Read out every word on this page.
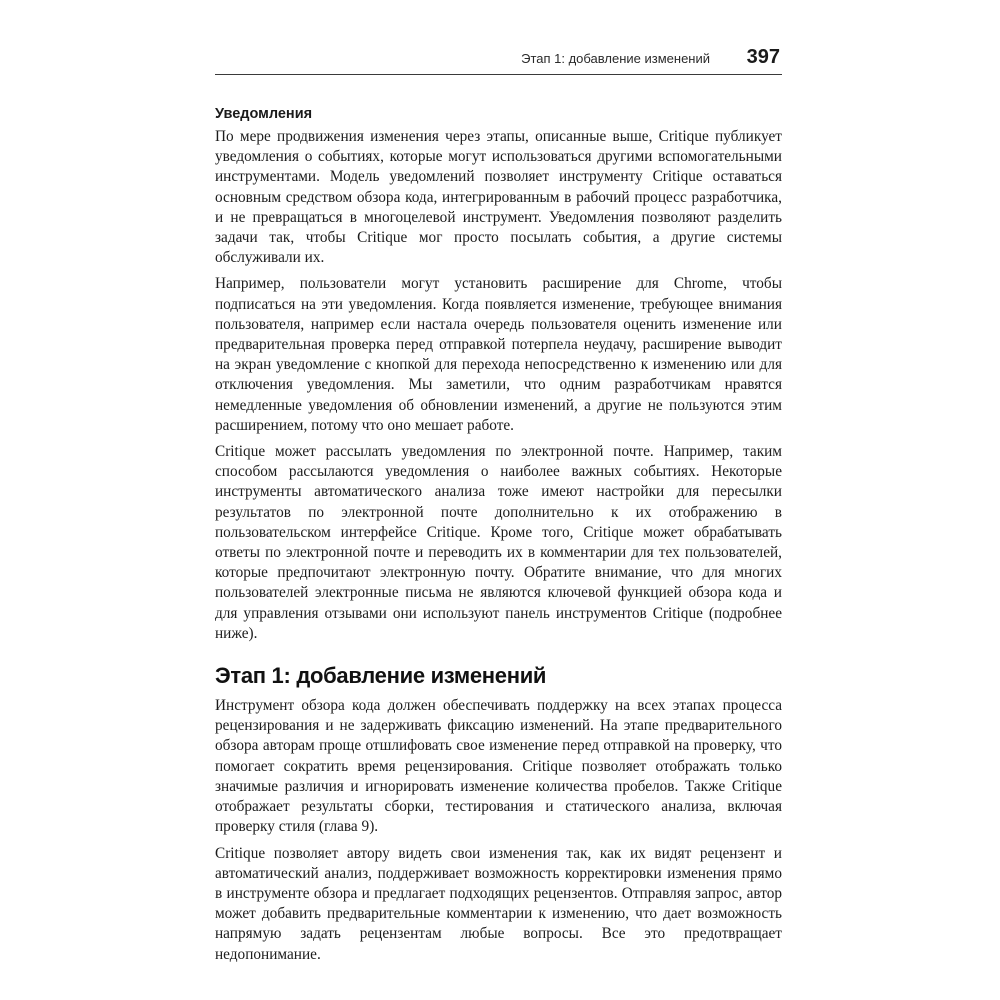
Этап 1: добавление изменений 397
Уведомления

По мере продвижения изменения через этапы, описанные выше, Critique публикует уведомления о событиях, которые могут использоваться другими вспомогательными инструментами. Модель уведомлений позволяет инструменту Critique оставаться основным средством обзора кода, интегрированным в рабочий процесс разработчика, и не превращаться в многоцелевой инструмент. Уведомления позволяют разделить задачи так, чтобы Critique мог просто посылать события, а другие системы обслуживали их.

Например, пользователи могут установить расширение для Chrome, чтобы подписаться на эти уведомления. Когда появляется изменение, требующее внимания пользователя, например если настала очередь пользователя оценить изменение или предварительная проверка перед отправкой потерпела неудачу, расширение выводит на экран уведомление с кнопкой для перехода непосредственно к изменению или для отключения уведомления. Мы заметили, что одним разработчикам нравятся немедленные уведомления об обновлении изменений, а другие не пользуются этим расширением, потому что оно мешает работе.

Critique может рассылать уведомления по электронной почте. Например, таким способом рассылаются уведомления о наиболее важных событиях. Некоторые инструменты автоматического анализа тоже имеют настройки для пересылки результатов по электронной почте дополнительно к их отображению в пользовательском интерфейсе Critique. Кроме того, Critique может обрабатывать ответы по электронной почте и переводить их в комментарии для тех пользователей, которые предпочитают электронную почту. Обратите внимание, что для многих пользователей электронные письма не являются ключевой функцией обзора кода и для управления отзывами они используют панель инструментов Critique (подробнее ниже).

Этап 1: добавление изменений

Инструмент обзора кода должен обеспечивать поддержку на всех этапах процесса рецензирования и не задерживать фиксацию изменений. На этапе предварительного обзора авторам проще отшлифовать свое изменение перед отправкой на проверку, что помогает сократить время рецензирования. Critique позволяет отображать только значимые различия и игнорировать изменение количества пробелов. Также Critique отображает результаты сборки, тестирования и статического анализа, включая проверку стиля (глава 9).

Critique позволяет автору видеть свои изменения так, как их видят рецензент и автоматический анализ, поддерживает возможность корректировки изменения прямо в инструменте обзора и предлагает подходящих рецензентов. Отправляя запрос, автор может добавить предварительные комментарии к изменению, что дает возможность напрямую задать рецензентам любые вопросы. Все это предотвращает недопонимание.
